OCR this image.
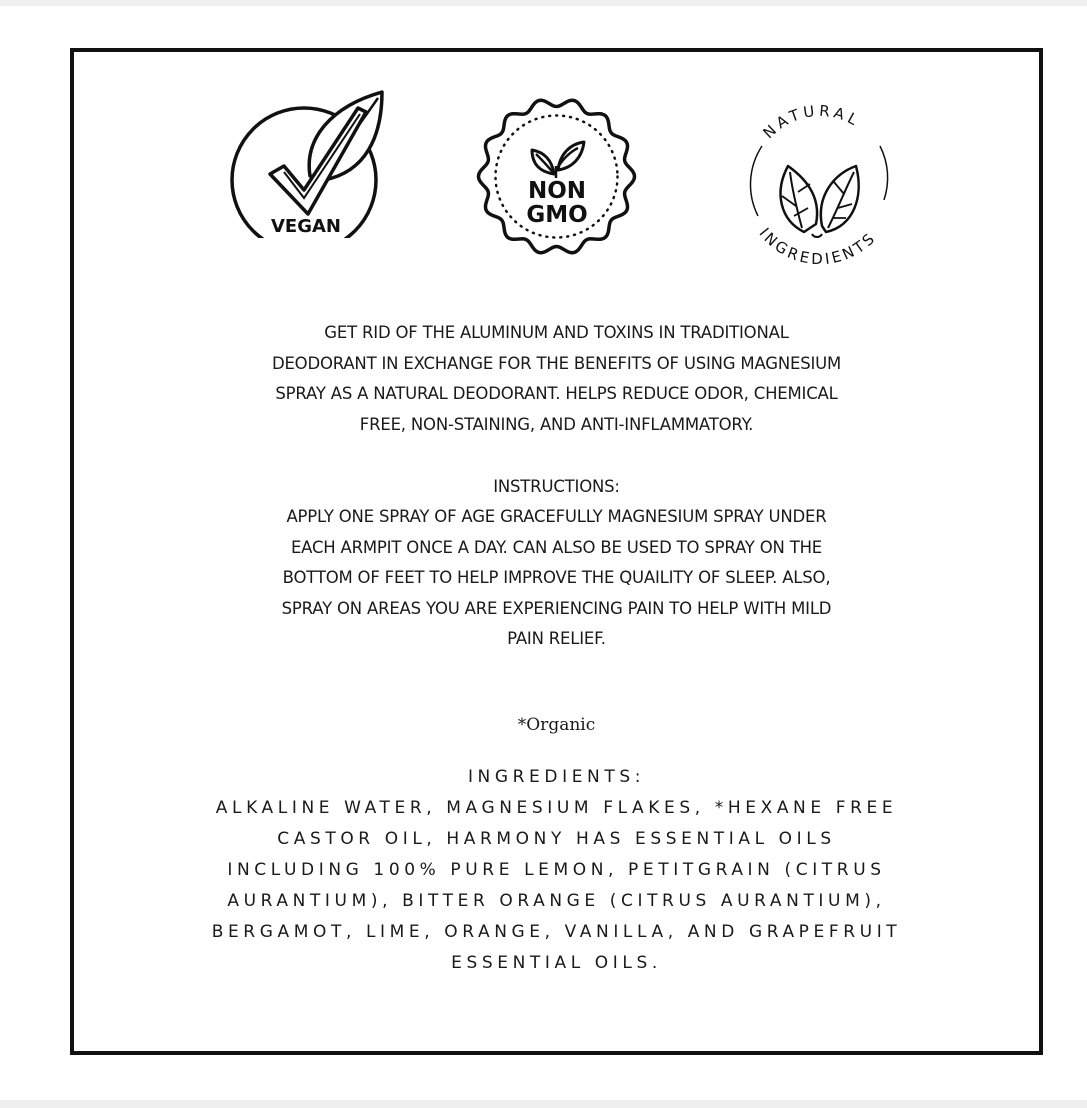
VEGAN
NON
GMO
NATURAL
INGREDIENTS
GET RID OF THE ALUMINUM AND TOXINS IN TRADITIONAL
DEODORANT IN EXCHANGE FOR THE BENEFITS OF USING MAGNESIUM
SPRAY AS A NATURAL DEODORANT. HELPS REDUCE ODOR, CHEMICAL
FREE, NON-STAINING, AND ANTI-INFLAMMATORY.
INSTRUCTIONS:
APPLY ONE SPRAY OF AGE GRACEFULLY MAGNESIUM SPRAY UNDER
EACH ARMPIT ONCE A DAY. CAN ALSO BE USED TO SPRAY ON THE
BOTTOM OF FEET TO HELP IMPROVE THE QUAILITY OF SLEEP. ALSO,
SPRAY ON AREAS YOU ARE EXPERIENCING PAIN TO HELP WITH MILD
PAIN RELIEF.
*Organic
INGREDIENTS:
ALKALINE WATER, MAGNESIUM FLAKES, *HEXANE FREE
CASTOR OIL, HARMONY HAS ESSENTIAL OILS
INCLUDING 100% PURE LEMON, PETITGRAIN (CITRUS
AURANTIUM), BITTER ORANGE (CITRUS AURANTIUM),
BERGAMOT, LIME, ORANGE, VANILLA, AND GRAPEFRUIT
ESSENTIAL OILS.
